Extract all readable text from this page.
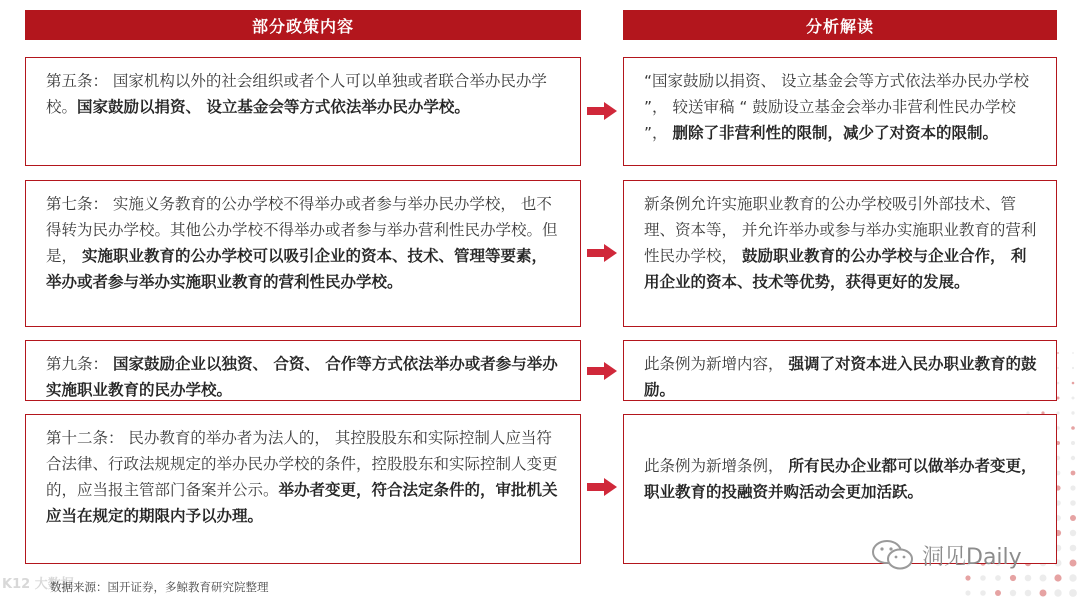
部分政策内容	分析解读
第五条： 国家机构以外的社会组织或者个人可以单独或者联合举办民办学校。国家鼓励以捐资、 设立基金会等方式依法举办民办学校。
“国家鼓励以捐资、 设立基金会等方式依法举办民办学校 ”， 较送审稿 “ 鼓励设立基金会举办非营利性民办学校 ”， 删除了非营利性的限制，减少了对资本的限制。
第七条： 实施义务教育的公办学校不得举办或者参与举办民办学校， 也不得转为民办学校。其他公办学校不得举办或者参与举办营利性民办学校。但是， 实施职业教育的公办学校可以吸引企业的资本、技术、管理等要素，举办或者参与举办实施职业教育的营利性民办学校。
新条例允许实施职业教育的公办学校吸引外部技术、管理、资本等， 并允许举办或参与举办实施职业教育的营利性民办学校， 鼓励职业教育的公办学校与企业合作， 利用企业的资本、技术等优势，获得更好的发展。
第九条： 国家鼓励企业以独资、 合资、 合作等方式依法举办或者参与举办实施职业教育的民办学校。
此条例为新增内容， 强调了对资本进入民办职业教育的鼓励。
第十二条： 民办教育的举办者为法人的， 其控股股东和实际控制人应当符合法律、行政法规规定的举办民办学校的条件，控股股东和实际控制人变更的，应当报主管部门备案并公示。举办者变更，符合法定条件的，审批机关应当在规定的期限内予以办理。
此条例为新增条例， 所有民办企业都可以做举办者变更， 职业教育的投融资并购活动会更加活跃。
K12 大数据
数据来源：国开证券，多鲸教育研究院整理
洞见Daily
